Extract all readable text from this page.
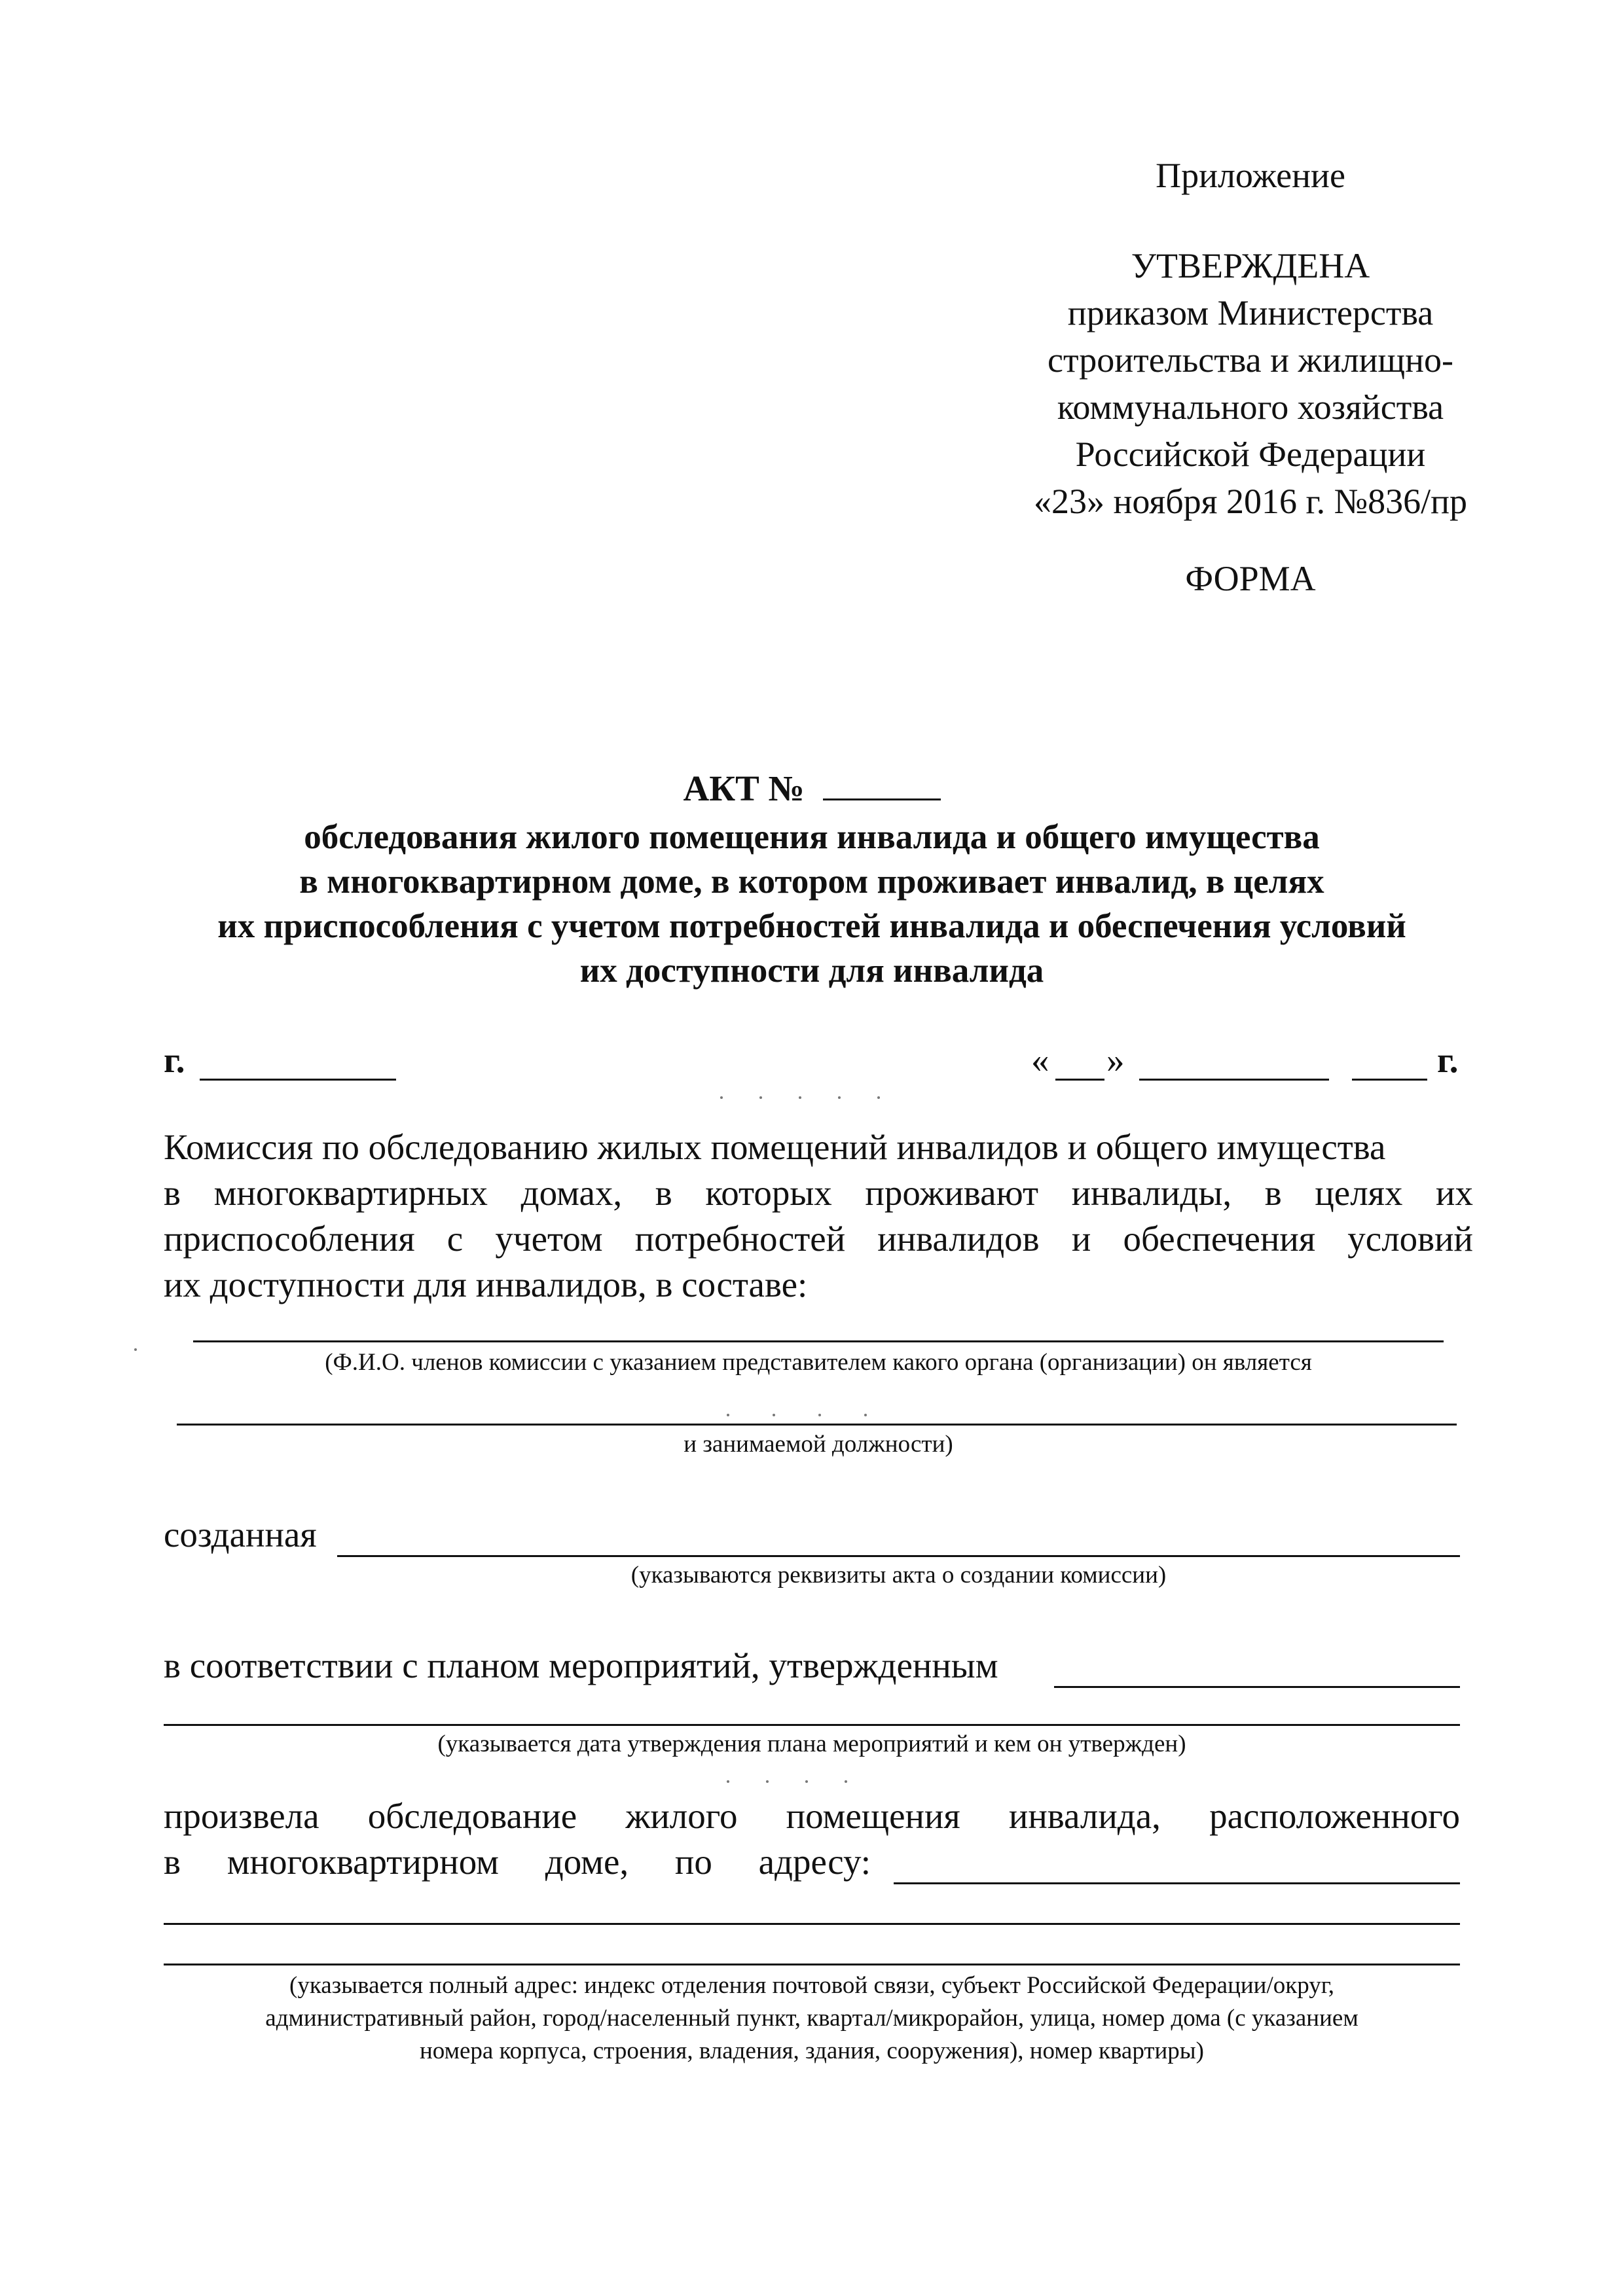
Приложение
УТВЕРЖДЕНА
приказом Министерства
строительства и жилищно-
коммунального хозяйства
Российской Федерации
«23» ноября 2016 г. №836/пр
ФОРМА
АКТ №
обследования жилого помещения инвалида и общего имущества
в многоквартирном доме, в котором проживает инвалид, в целях
их приспособления с учетом потребностей инвалида и обеспечения условий
их доступности для инвалида
г.	« »	г.
Комиссия по обследованию жилых помещений инвалидов и общего имущества
в многоквартирных домах, в которых проживают инвалиды, в целях их
приспособления с учетом потребностей инвалидов и обеспечения условий
их доступности для инвалидов, в составе:
(Ф.И.О. членов комиссии с указанием представителем какого органа (организации) он является
и занимаемой должности)
созданная
(указываются реквизиты акта о создании комиссии)
в соответствии с планом мероприятий, утвержденным
(указывается дата утверждения плана мероприятий и кем он утвержден)
произвела обследование жилого помещения инвалида, расположенного
в многоквартирном доме, по адресу:
(указывается полный адрес: индекс отделения почтовой связи, субъект Российской Федерации/округ,
административный район, город/населенный пункт, квартал/микрорайон, улица, номер дома (с указанием
номера корпуса, строения, владения, здания, сооружения), номер квартиры)
